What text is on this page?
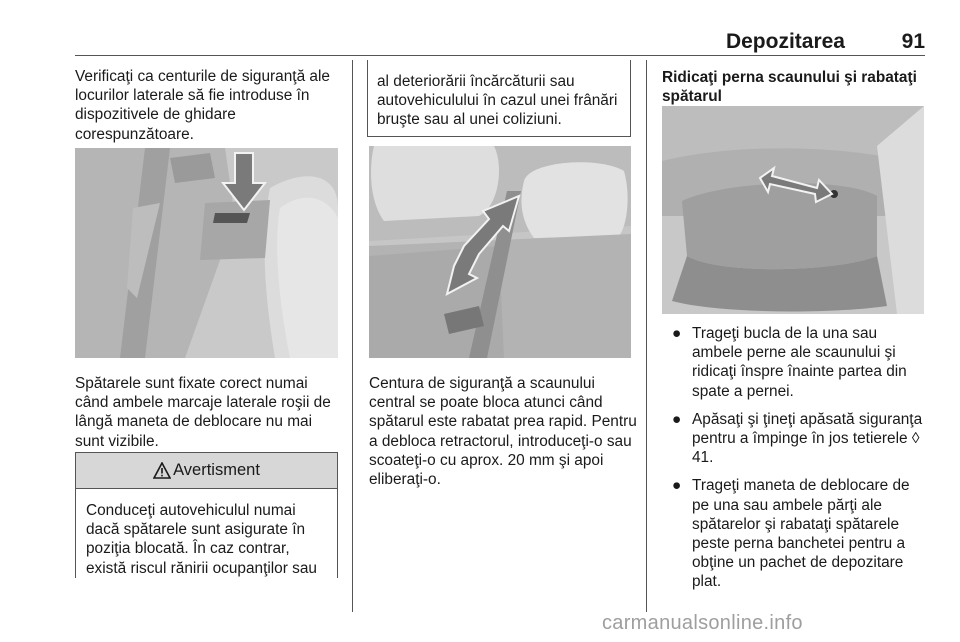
Depozitarea	91
Verificaţi ca centurile de siguranţă ale locurilor laterale să fie introduse în dispozitivele de ghidare corespunzătoare.
Spătarele sunt fixate corect numai când ambele marcaje laterale roşii de lângă maneta de deblocare nu mai sunt vizibile.
Avertisment
Conduceţi autovehiculul numai dacă spătarele sunt asigurate în poziţia blocată. În caz contrar, există riscul rănirii ocupanţilor sau
al deteriorării încărcăturii sau autovehiculului în cazul unei frânări bruşte sau al unei coliziuni.
Centura de siguranţă a scaunului central se poate bloca atunci când spătarul este rabatat prea rapid. Pentru a debloca retractorul, introduceţi-o sau scoateţi-o cu aprox. 20 mm şi apoi eliberaţi-o.
Ridicaţi perna scaunului şi rabataţi spătarul
● Trageţi bucla de la una sau ambele perne ale scaunului şi ridicaţi înspre înainte partea din spate a pernei.
● Apăsaţi şi ţineţi apăsată siguranţa pentru a împinge în jos tetierele ◊ 41.
● Trageţi maneta de deblocare de pe una sau ambele părţi ale spătarelor şi rabataţi spătarele peste perna banchetei pentru a obţine un pachet de depozitare plat.
carmanualsonline.info
